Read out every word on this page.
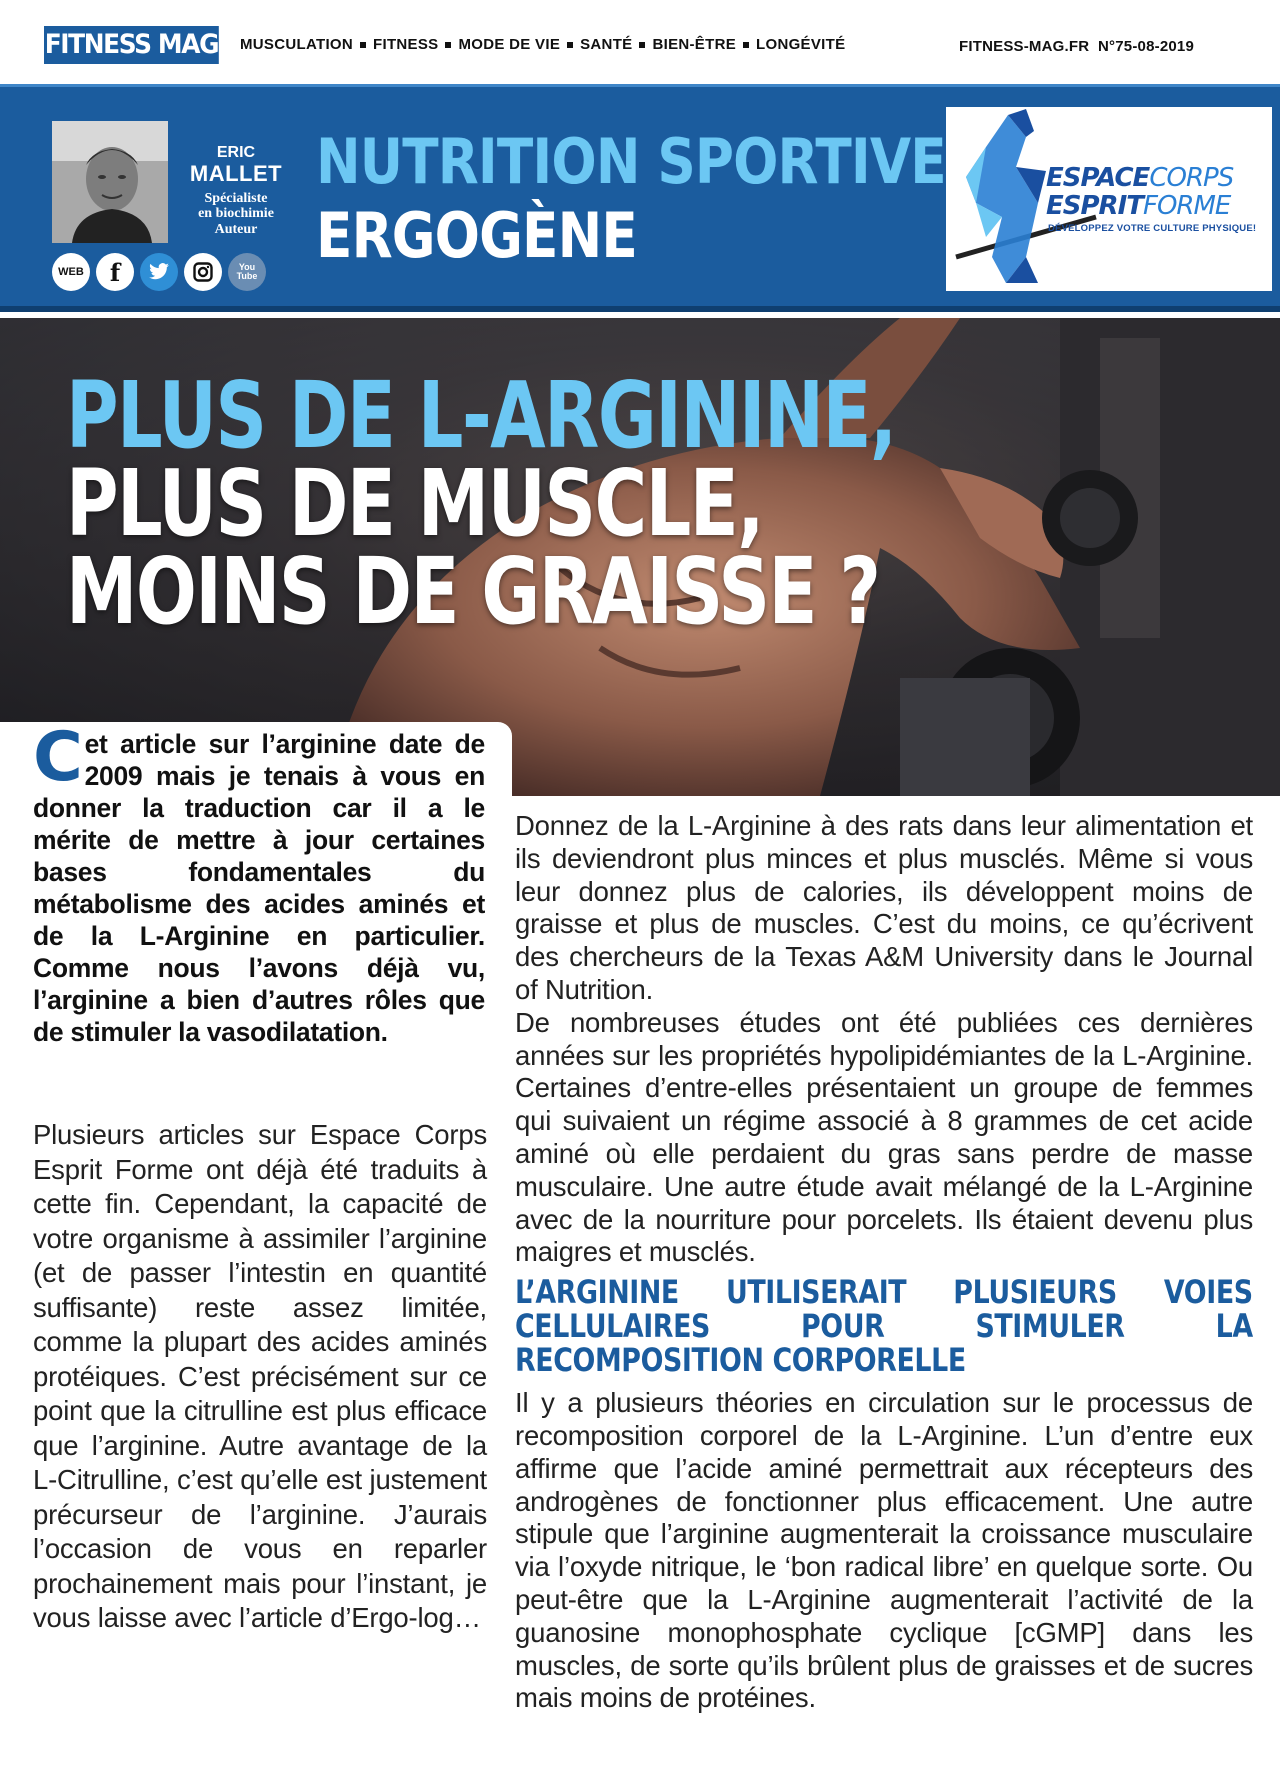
FITNESS MAG MUSCULATION FITNESS MODE DE VIE SANTÉ BIEN-ÊTRE LONGÉVITÉ	FITNESS-MAG.FR  N°75-08-2019
ERIC
MALLET
Spécialiste
en biochimie
Auteur
WEB	f	You
Tube
NUTRITION SPORTIVE
ERGOGÈNE
ESPACECORPS
ESPRITFORME
DÉVELOPPEZ VOTRE CULTURE PHYSIQUE!
PLUS DE L-ARGININE,
PLUS DE MUSCLE,
MOINS DE GRAISSE ?
Cet article sur l’arginine date de 2009 mais je tenais à vous en donner la traduction car il a le mérite de mettre à jour certaines bases fondamentales du métabolisme des acides aminés et de la L-Arginine en particulier. Comme nous l’avons déjà vu, l’arginine a bien d’autres rôles que de stimuler la vasodilatation.
Plusieurs articles sur Espace Corps Esprit Forme ont déjà été traduits à cette fin. Cependant, la capacité de votre organisme à assimiler l’arginine (et de passer l’intestin en quantité suffisante) reste assez limitée, comme la plupart des acides aminés protéiques. C’est précisément sur ce point que la citrulline est plus efficace que l’arginine. Autre avantage de la L-Citrulline, c’est qu’elle est justement précurseur de l’arginine. J’aurais l’occasion de vous en reparler prochainement mais pour l’instant, je vous laisse avec l’article d’Ergo-log…

Donnez de la L-Arginine à des rats dans leur alimentation et ils deviendront plus minces et plus musclés. Même si vous leur donnez plus de calories, ils développent moins de graisse et plus de muscles. C’est du moins, ce qu’écrivent des chercheurs de la Texas A&M University dans le Journal of Nutrition.

De nombreuses études ont été publiées ces dernières années sur les propriétés hypolipidémiantes de la L-Arginine. Certaines d’entre-elles présentaient un groupe de femmes qui suivaient un régime associé à 8 grammes de cet acide aminé où elle perdaient du gras sans perdre de masse musculaire. Une autre étude avait mélangé de la L-Arginine avec de la nourriture pour porcelets. Ils étaient devenu plus maigres et musclés.

L’ARGININE UTILISERAIT PLUSIEURS VOIES CELLULAIRES POUR STIMULER LA RECOMPOSITION CORPORELLE

Il y a plusieurs théories en circulation sur le processus de recomposition corporel de la L-Arginine. L’un d’entre eux affirme que l’acide aminé permettrait aux récepteurs des androgènes de fonctionner plus efficacement. Une autre stipule que l’arginine augmenterait la croissance musculaire via l’oxyde nitrique, le ‘bon radical libre’ en quelque sorte. Ou peut-être que la L-Arginine augmenterait l’activité de la guanosine monophosphate cyclique [cGMP] dans les muscles, de sorte qu’ils brûlent plus de graisses et de sucres mais moins de protéines.
